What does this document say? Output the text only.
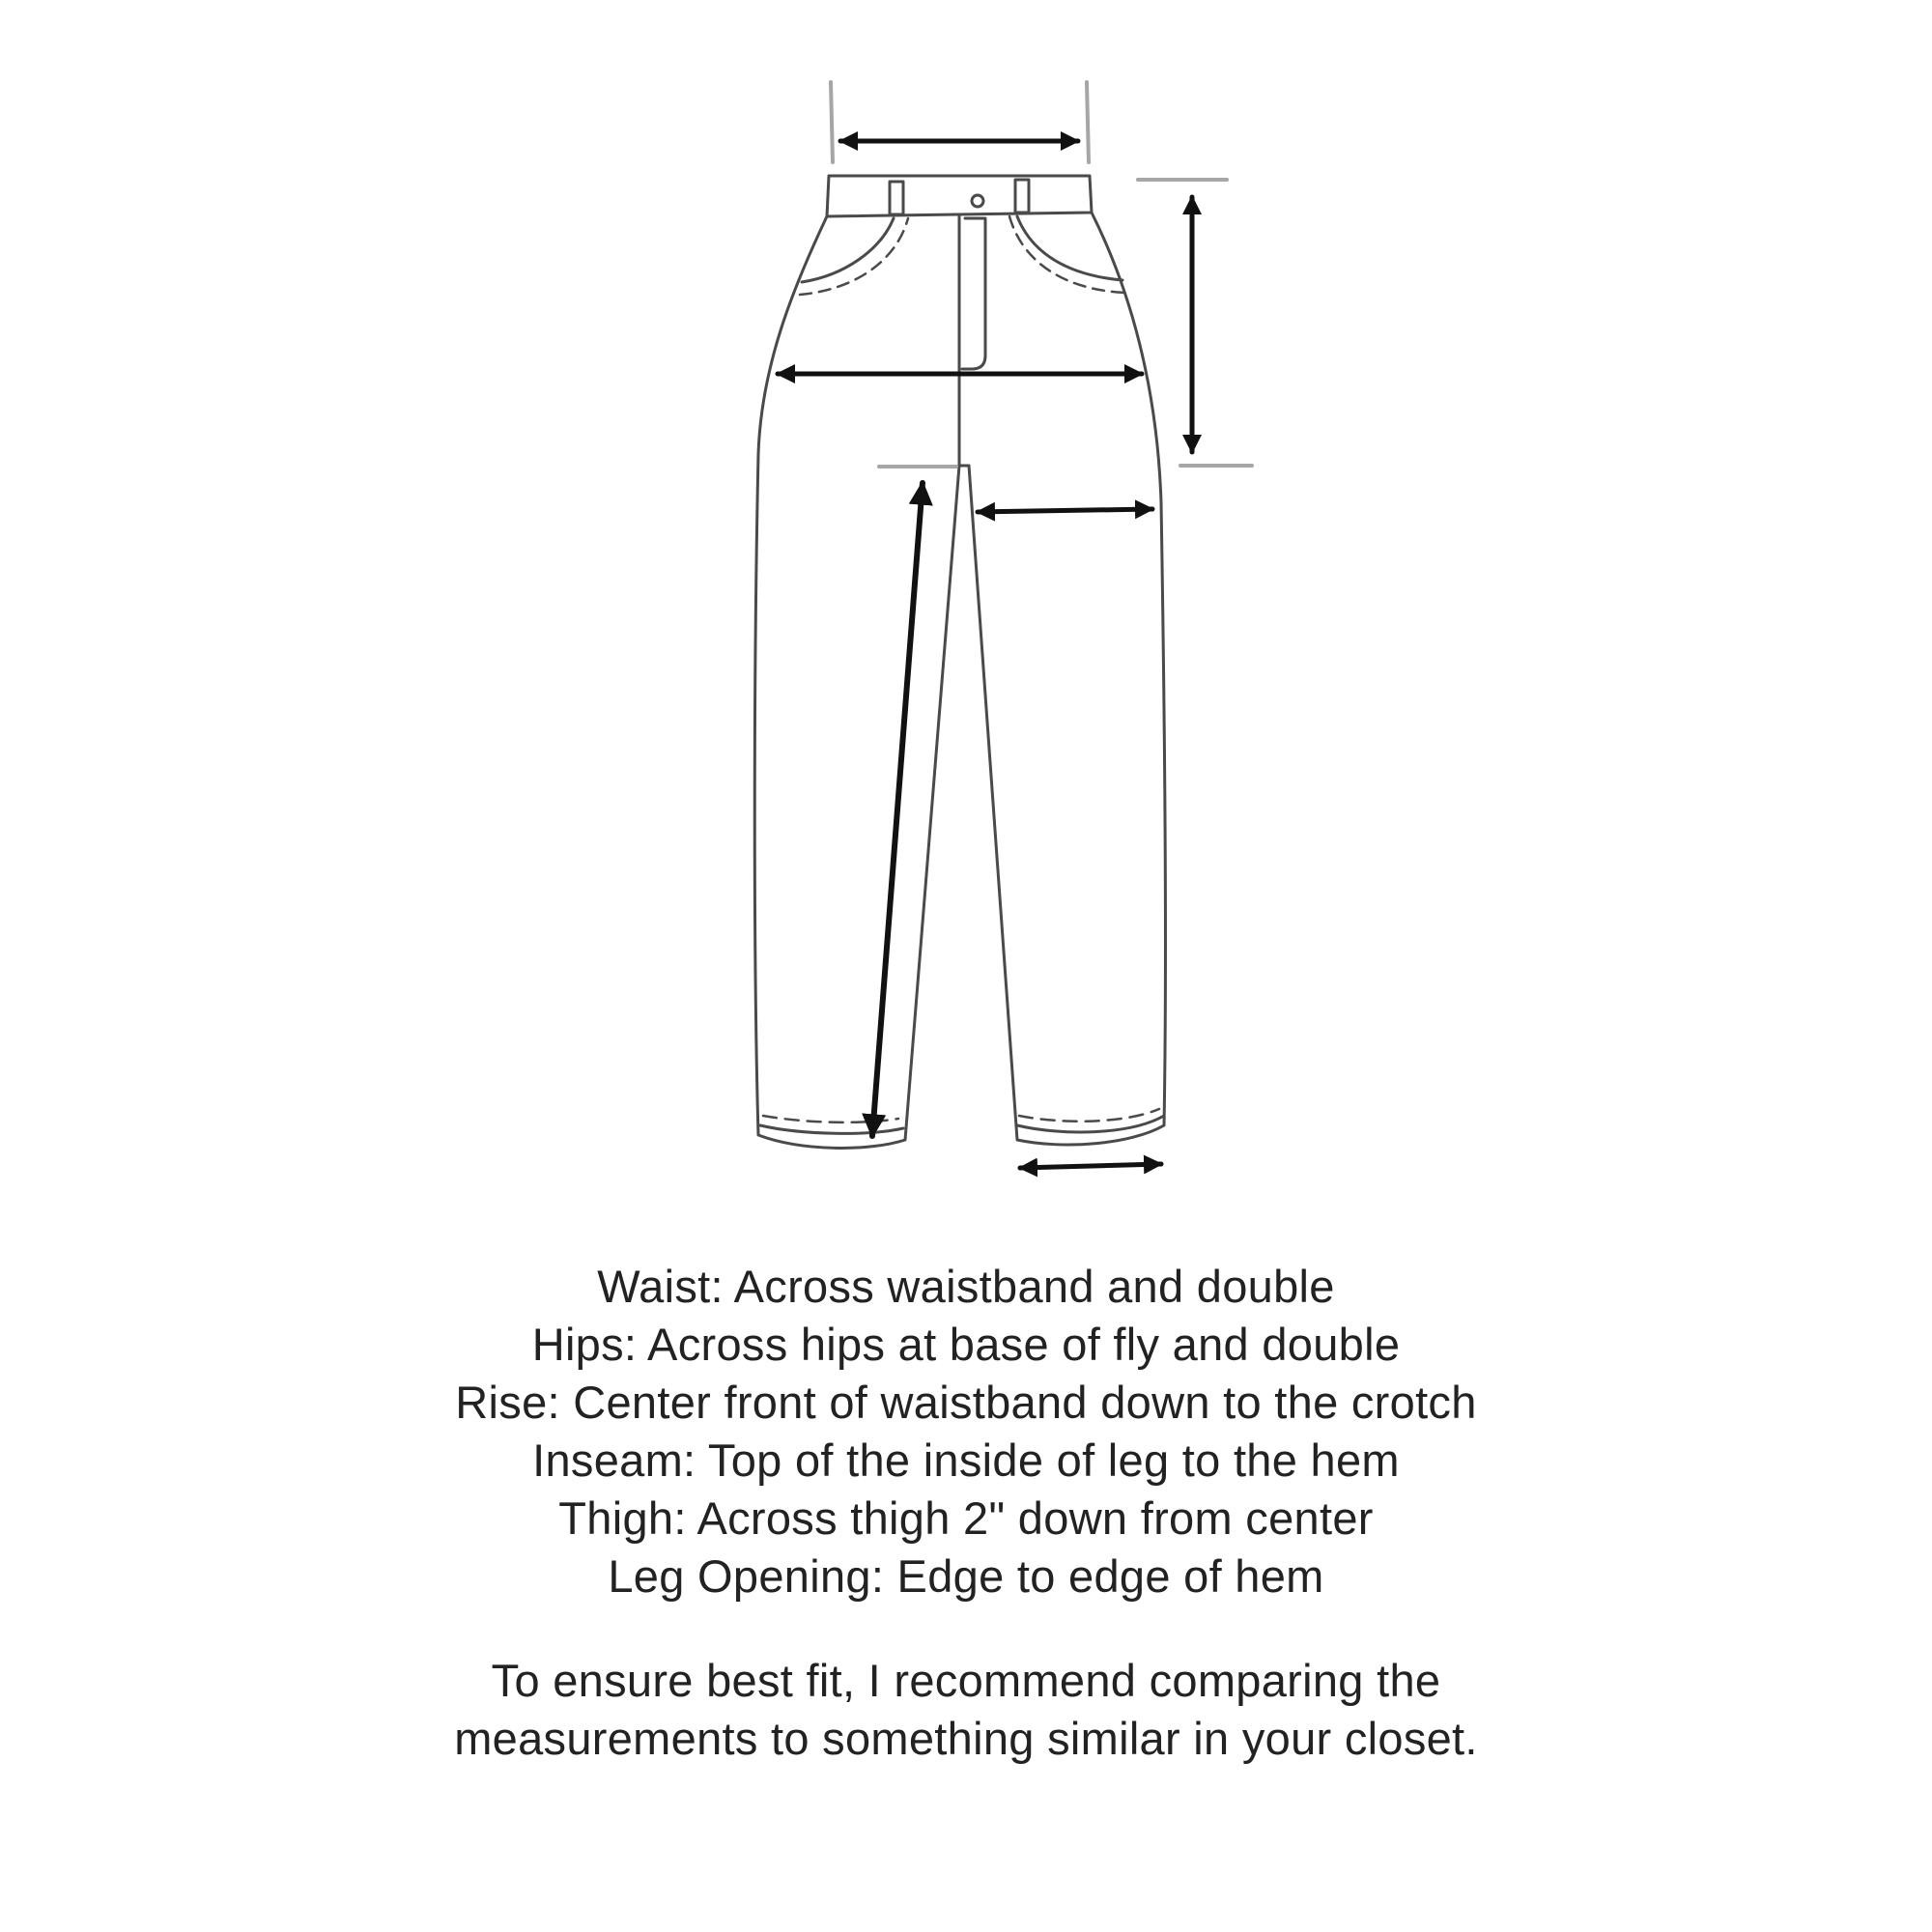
Waist: Across waistband and double
Hips: Across hips at base of fly and double
Rise: Center front of waistband down to the crotch
Inseam: Top of the inside of leg to the hem
Thigh: Across thigh 2" down from center
Leg Opening: Edge to edge of hem
To ensure best fit, I recommend comparing the
measurements to something similar in your closet.
